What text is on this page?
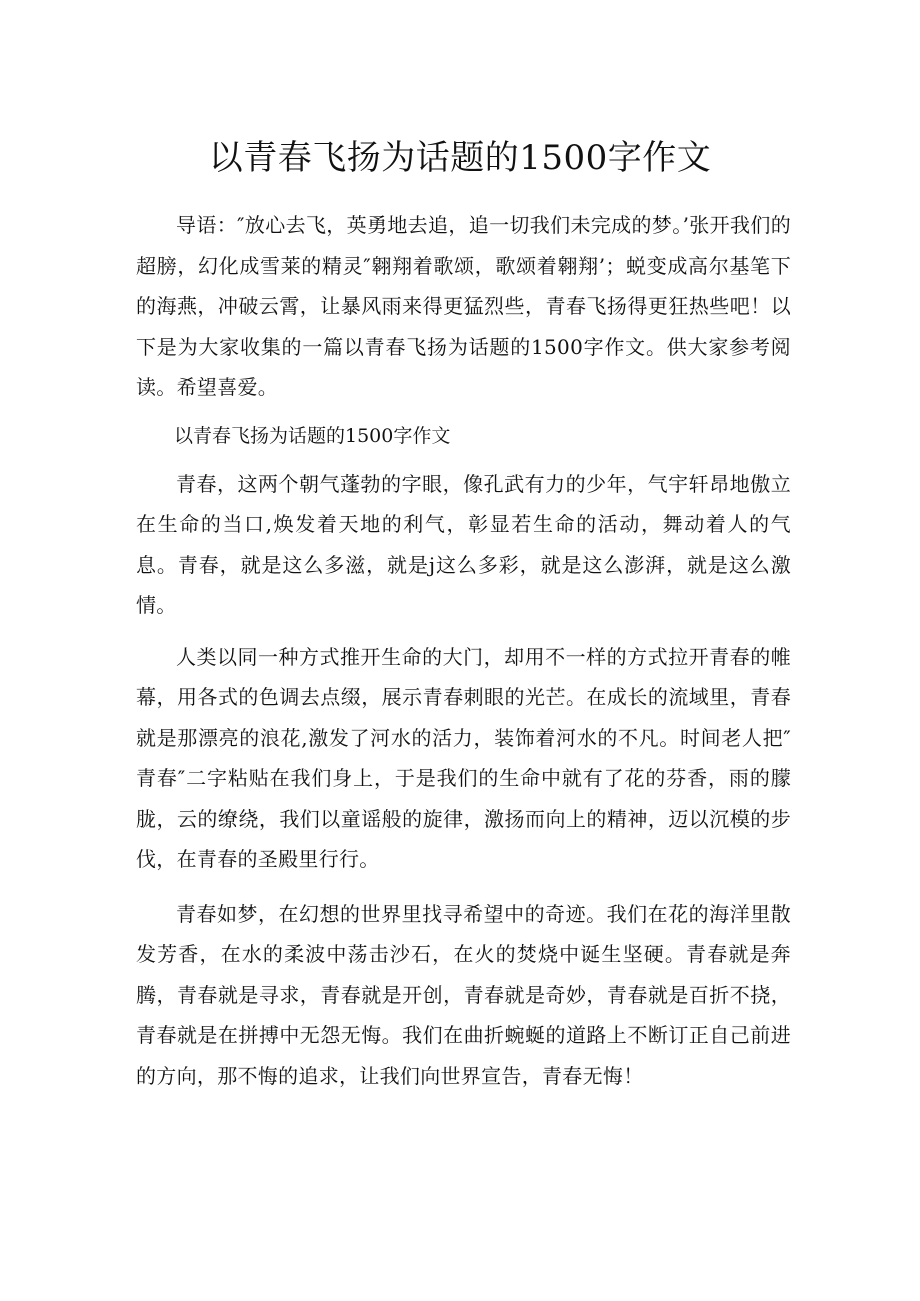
以青春飞扬为话题的1500字作文

导语：″放心去飞，英勇地去追，追一切我们未完成的梦。’张开我们的超膀，幻化成雪莱的精灵″翱翔着歌颂，歌颂着翱翔’；蜕变成高尔基笔下的海燕，冲破云霄，让暴风雨来得更猛烈些，青春飞扬得更狂热些吧！以下是为大家收集的一篇以青春飞扬为话题的1500字作文。供大家参考阅读。希望喜爱。

以青春飞扬为话题的1500字作文

青春，这两个朝气蓬勃的字眼，像孔武有力的少年，气宇轩昂地傲立在生命的当口,焕发着天地的利气，彰显若生命的活动，舞动着人的气息。青春，就是这么多滋，就是j这么多彩，就是这么澎湃，就是这么激情。

人类以同一种方式推开生命的大门，却用不一样的方式拉开青春的帷幕，用各式的色调去点缀，展示青春刺眼的光芒。在成长的流域里，青春就是那漂亮的浪花,激发了河水的活力，装饰着河水的不凡。时间老人把″青春″二字粘贴在我们身上，于是我们的生命中就有了花的芬香，雨的朦胧，云的缭绕，我们以童谣般的旋律，激扬而向上的精神，迈以沉模的步伐，在青春的圣殿里行行。

青春如梦，在幻想的世界里找寻希望中的奇迹。我们在花的海洋里散发芳香，在水的柔波中荡击沙石，在火的焚烧中诞生坚硬。青春就是奔腾，青春就是寻求，青春就是开创，青春就是奇妙，青春就是百折不挠，青春就是在拼搏中无怨无悔。我们在曲折蜿蜒的道路上不断订正自己前进的方向，那不悔的追求，让我们向世界宣告，青春无悔！
